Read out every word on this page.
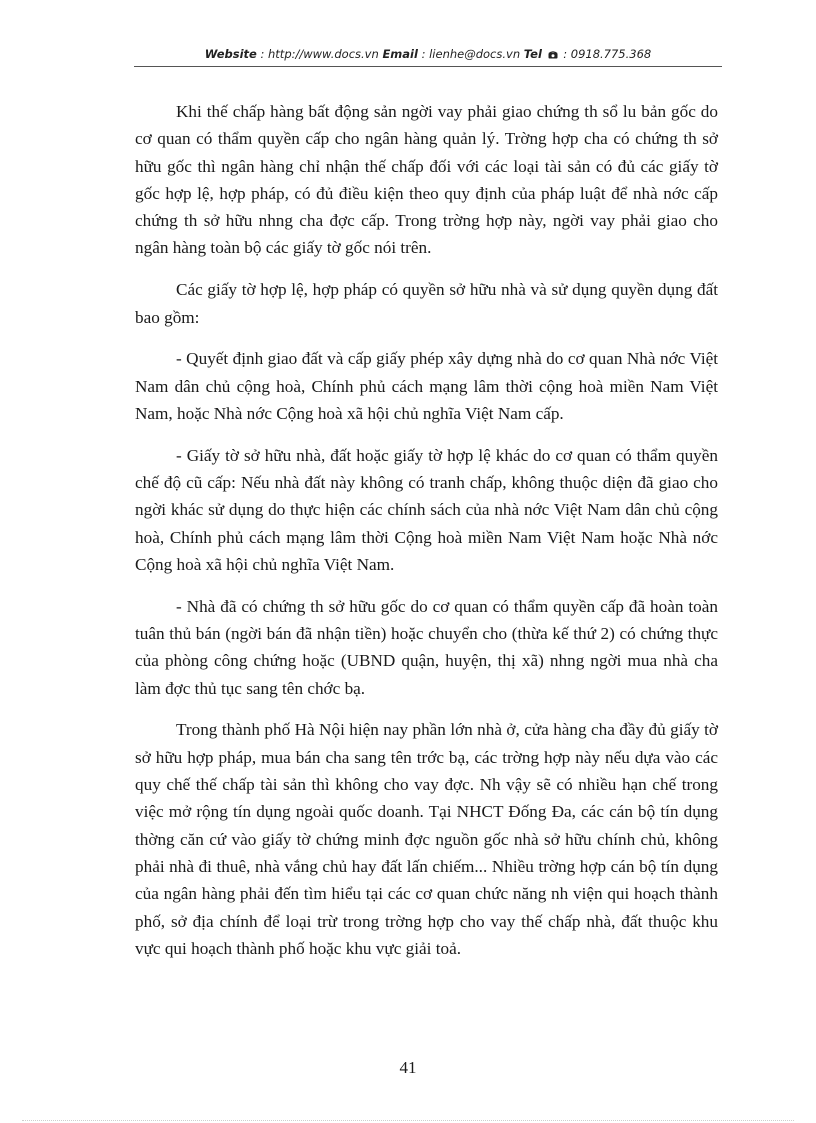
Website : http://www.docs.vn Email : lienhe@docs.vn Tel : 0918.775.368

Khi thế chấp hàng bất động sản ngời vay phải giao chứng th sổ lu bản gốc do cơ quan có thẩm quyền cấp cho ngân hàng quản lý. Trờng hợp cha có chứng th sở hữu gốc thì ngân hàng chỉ nhận thế chấp đối với các loại tài sản có đủ các giấy tờ gốc hợp lệ, hợp pháp, có đủ điều kiện theo quy định của pháp luật để nhà nớc cấp chứng th sở hữu nhng cha đợc cấp. Trong trờng hợp này, ngời vay phải giao cho ngân hàng toàn bộ các giấy tờ gốc nói trên.

Các giấy tờ hợp lệ, hợp pháp có quyền sở hữu nhà và sử dụng quyền dụng đất bao gồm:

- Quyết định giao đất và cấp giấy phép xây dựng nhà do cơ quan Nhà nớc Việt Nam dân chủ cộng hoà, Chính phủ cách mạng lâm thời cộng hoà miền Nam Việt Nam, hoặc Nhà nớc Cộng hoà xã hội chủ nghĩa Việt Nam cấp.

- Giấy tờ sở hữu nhà, đất hoặc giấy tờ hợp lệ khác do cơ quan có thẩm quyền chế độ cũ cấp: Nếu nhà đất này không có tranh chấp, không thuộc diện đã giao cho ngời khác sử dụng do thực hiện các chính sách của nhà nớc Việt Nam dân chủ cộng hoà, Chính phủ cách mạng lâm thời Cộng hoà miền Nam Việt Nam hoặc Nhà nớc Cộng hoà xã hội chủ nghĩa Việt Nam.

- Nhà đã có chứng th sở hữu gốc do cơ quan có thẩm quyền cấp đã hoàn toàn tuân thủ bán (ngời bán đã nhận tiền) hoặc chuyển cho (thừa kế thứ 2) có chứng thực của phòng công chứng hoặc (UBND quận, huyện, thị xã) nhng ngời mua nhà cha làm đợc thủ tục sang tên chớc bạ.

Trong thành phố Hà Nội hiện nay phần lớn nhà ở, cửa hàng cha đầy đủ giấy tờ sở hữu hợp pháp, mua bán cha sang tên trớc bạ, các trờng hợp này nếu dựa vào các quy chế thế chấp tài sản thì không cho vay đợc. Nh vậy sẽ có nhiều hạn chế trong việc mở rộng tín dụng ngoài quốc doanh. Tại NHCT Đống Đa, các cán bộ tín dụng thờng căn cứ vào giấy tờ chứng minh đợc nguồn gốc nhà sở hữu chính chủ, không phải nhà đi thuê, nhà vắng chủ hay đất lấn chiếm... Nhiều trờng hợp cán bộ tín dụng của ngân hàng phải đến tìm hiểu tại các cơ quan chức năng nh viện qui hoạch thành phố, sở địa chính để loại trừ trong trờng hợp cho vay thế chấp nhà, đất thuộc khu vực qui hoạch thành phố hoặc khu vực giải toả.

41
